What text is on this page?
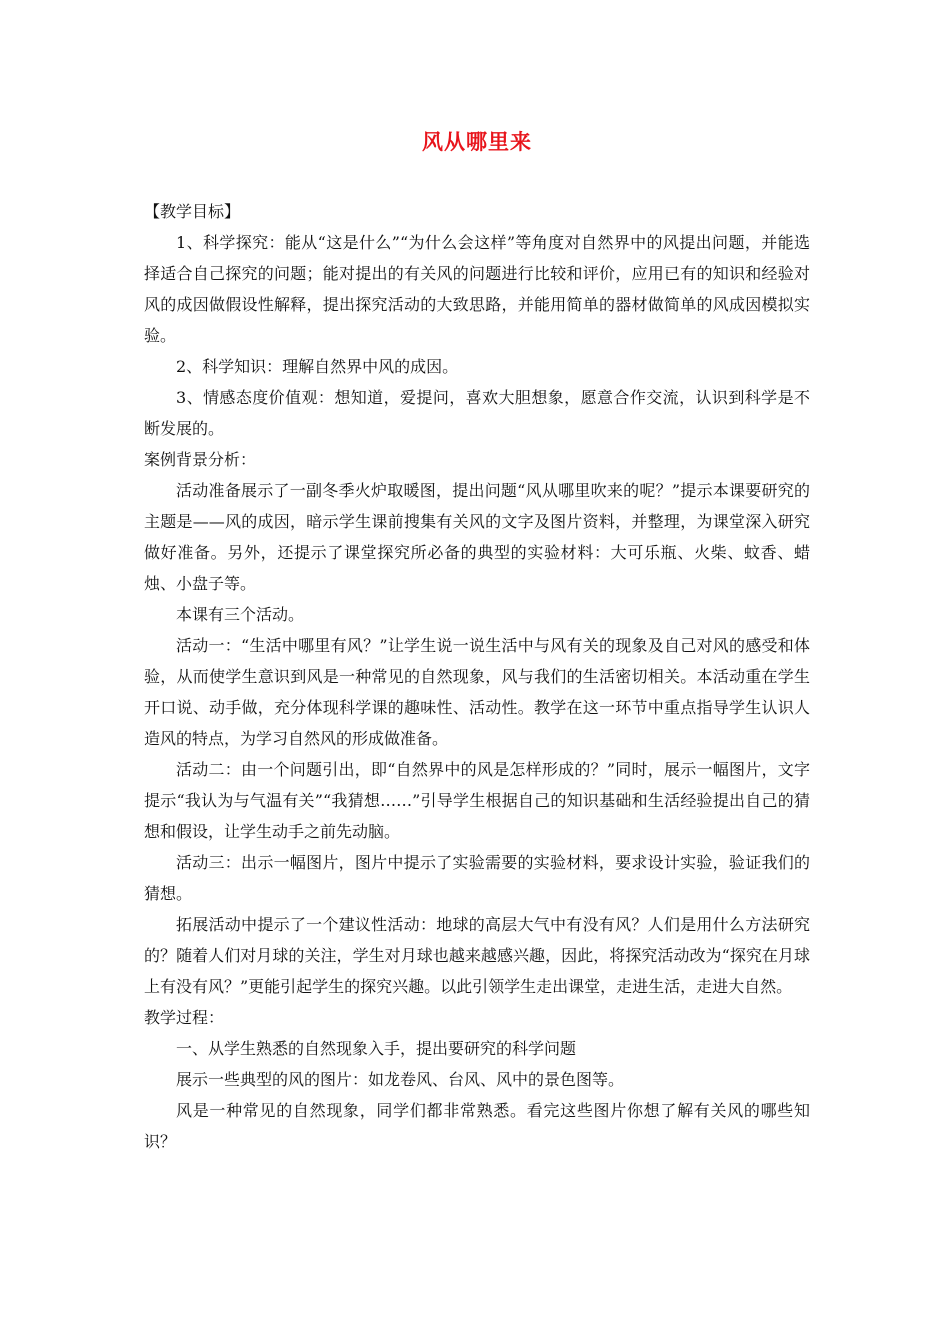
风从哪里来

【教学目标】

1、科学探究：能从“这是什么”“为什么会这样”等角度对自然界中的风提出问题，并能选择适合自己探究的问题；能对提出的有关风的问题进行比较和评价，应用已有的知识和经验对风的成因做假设性解释，提出探究活动的大致思路，并能用简单的器材做简单的风成因模拟实验。

2、科学知识：理解自然界中风的成因。

3、情感态度价值观：想知道，爱提问，喜欢大胆想象，愿意合作交流，认识到科学是不断发展的。

案例背景分析：

活动准备展示了一副冬季火炉取暖图，提出问题“风从哪里吹来的呢？”提示本课要研究的主题是——风的成因，暗示学生课前搜集有关风的文字及图片资料，并整理，为课堂深入研究做好准备。另外，还提示了课堂探究所必备的典型的实验材料：大可乐瓶、火柴、蚊香、蜡烛、小盘子等。

本课有三个活动。

活动一：“生活中哪里有风？”让学生说一说生活中与风有关的现象及自己对风的感受和体验，从而使学生意识到风是一种常见的自然现象，风与我们的生活密切相关。本活动重在学生开口说、动手做，充分体现科学课的趣味性、活动性。教学在这一环节中重点指导学生认识人造风的特点，为学习自然风的形成做准备。

活动二：由一个问题引出，即“自然界中的风是怎样形成的？”同时，展示一幅图片，文字提示“我认为与气温有关”“我猜想……”引导学生根据自己的知识基础和生活经验提出自己的猜想和假设，让学生动手之前先动脑。

活动三：出示一幅图片，图片中提示了实验需要的实验材料，要求设计实验，验证我们的猜想。

拓展活动中提示了一个建议性活动：地球的高层大气中有没有风？人们是用什么方法研究的？随着人们对月球的关注，学生对月球也越来越感兴趣，因此，将探究活动改为“探究在月球上有没有风？”更能引起学生的探究兴趣。以此引领学生走出课堂，走进生活，走进大自然。

教学过程：

一、从学生熟悉的自然现象入手，提出要研究的科学问题

展示一些典型的风的图片：如龙卷风、台风、风中的景色图等。

风是一种常见的自然现象，同学们都非常熟悉。看完这些图片你想了解有关风的哪些知识？
